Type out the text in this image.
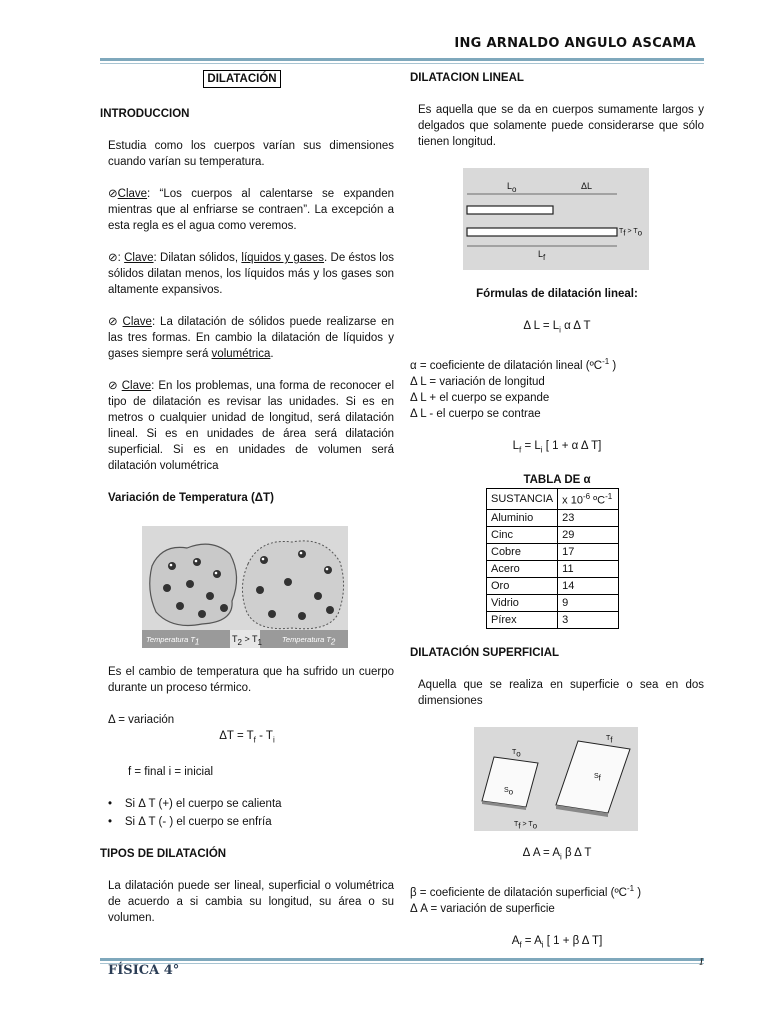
ING ARNALDO ANGULO ASCAMA
DILATACIÓN
INTRODUCCION

Estudia como los cuerpos varían sus dimensiones cuando varían su temperatura.

⊘Clave: “Los cuerpos al calentarse se expanden mientras que al enfriarse se contraen”. La excepción a esta regla es el agua como veremos.

⊘: Clave: Dilatan sólidos, líquidos y gases. De éstos los sólidos dilatan menos, los líquidos más y los gases son altamente expansivos.

⊘ Clave: La dilatación de sólidos puede realizarse en las tres formas. En cambio la dilatación de líquidos y gases siempre será volumétrica.

⊘ Clave: En los problemas, una forma de reconocer el tipo de dilatación es revisar las unidades. Si es en metros o cualquier unidad de longitud, será dilatación lineal. Si es en unidades de área será dilatación superficial. Si es en unidades de volumen será dilatación volumétrica

Variación de Temperatura (ΔT)
Temperatura $T_1$	$T_2 > T_1$	Temperatura $T_2$

Es el cambio de temperatura que ha sufrido un cuerpo durante un proceso térmico.

Δ = variación
$\Delta T = T_f - T_i$
f = final i = inicial
•    Si Δ T (+) el cuerpo se calienta
•    Si Δ T (- ) el cuerpo se enfría
TIPOS DE DILATACIÓN

La dilatación puede ser lineal, superficial o volumétrica de acuerdo a si cambia su longitud, su área o su volumen.

DILATACION LINEAL

Es aquella que se da en cuerpos sumamente largos y delgados que solamente puede considerarse que sólo tienen longitud.

$L_o$	ΔL
$L_f$
$T_f > T_o$
Fórmulas de dilatación lineal:
Δ $L = L_i$ α Δ T
α = coeficiente de dilatación lineal (ºC$^{-1}$ )
Δ L = variación de longitud
Δ L + el cuerpo se expande
Δ L - el cuerpo se contrae
$L_f = L_i$ [ 1 + α Δ T]
TABLA DE α
SUSTANCIA	x $10^{-6}$ ºC$^{-1}$
Aluminio	23
Cinc	29
Cobre	17
Acero	11
Oro	14
Vidrio	9
Pírex	3
DILATACIÓN SUPERFICIAL

Aquella que se realiza en superficie o sea en dos dimensiones

$T_o$
$T_f$
$S_o$
$S_f$
$T_f > T_o$
Δ $A = A_i$ β Δ T
β = coeficiente de dilatación superficial (ºC$^{-1}$ )
Δ A = variación de superficie
$A_f = A_i$ [ 1 + β Δ T]
FÍSICA 4°
1
